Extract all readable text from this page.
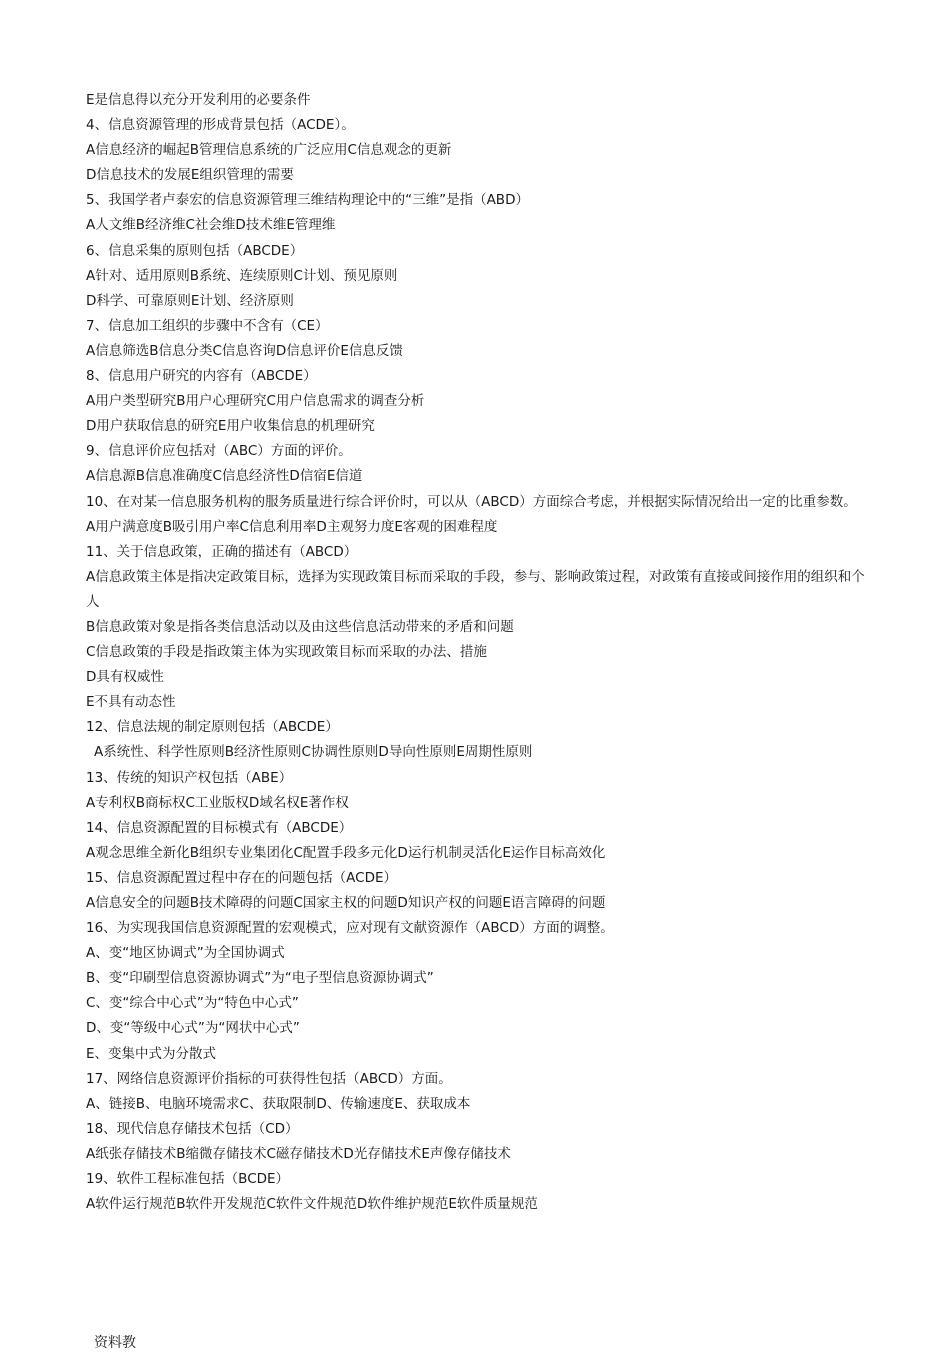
E是信息得以充分开发利用的必要条件
4、信息资源管理的形成背景包括（ACDE）。
A信息经济的崛起B管理信息系统的广泛应用C信息观念的更新
D信息技术的发展E组织管理的需要
5、我国学者卢泰宏的信息资源管理三维结构理论中的“三维”是指（ABD）
A人文维B经济维C社会维D技术维E管理维
6、信息采集的原则包括（ABCDE）
A针对、适用原则B系统、连续原则C计划、预见原则
D科学、可靠原则E计划、经济原则
7、信息加工组织的步骤中不含有（CE）
A信息筛选B信息分类C信息咨询D信息评价E信息反馈
8、信息用户研究的内容有（ABCDE）
A用户类型研究B用户心理研究C用户信息需求的调查分析
D用户获取信息的研究E用户收集信息的机理研究
9、信息评价应包括对（ABC）方面的评价。
A信息源B信息准确度C信息经济性D信宿E信道
10、在对某一信息服务机构的服务质量进行综合评价时，可以从（ABCD）方面综合考虑，并根据实际情况给出一定的比重参数。
A用户满意度B吸引用户率C信息利用率D主观努力度E客观的困难程度
11、关于信息政策，正确的描述有（ABCD）
A信息政策主体是指决定政策目标，选择为实现政策目标而采取的手段，参与、影响政策过程，对政策有直接或间接作用的组织和个人
B信息政策对象是指各类信息活动以及由这些信息活动带来的矛盾和问题
C信息政策的手段是指政策主体为实现政策目标而采取的办法、措施
D具有权威性
E不具有动态性
12、信息法规的制定原则包括（ABCDE）
A系统性、科学性原则B经济性原则C协调性原则D导向性原则E周期性原则
13、传统的知识产权包括（ABE）
A专利权B商标权C工业版权D域名权E著作权
14、信息资源配置的目标模式有（ABCDE）
A观念思维全新化B组织专业集团化C配置手段多元化D运行机制灵活化E运作目标高效化
15、信息资源配置过程中存在的问题包括（ACDE）
A信息安全的问题B技术障碍的问题C国家主权的问题D知识产权的问题E语言障碍的问题
16、为实现我国信息资源配置的宏观模式，应对现有文献资源作（ABCD）方面的调整。
A、变“地区协调式”为全国协调式
B、变“印刷型信息资源协调式”为“电子型信息资源协调式”
C、变“综合中心式”为“特色中心式”
D、变“等级中心式”为“网状中心式”
E、变集中式为分散式
17、网络信息资源评价指标的可获得性包括（ABCD）方面。
A、链接B、电脑环境需求C、获取限制D、传输速度E、获取成本
18、现代信息存储技术包括（CD）
A纸张存储技术B缩微存储技术C磁存储技术D光存储技术E声像存储技术
19、软件工程标准包括（BCDE）
A软件运行规范B软件开发规范C软件文件规范D软件维护规范E软件质量规范
资料教
